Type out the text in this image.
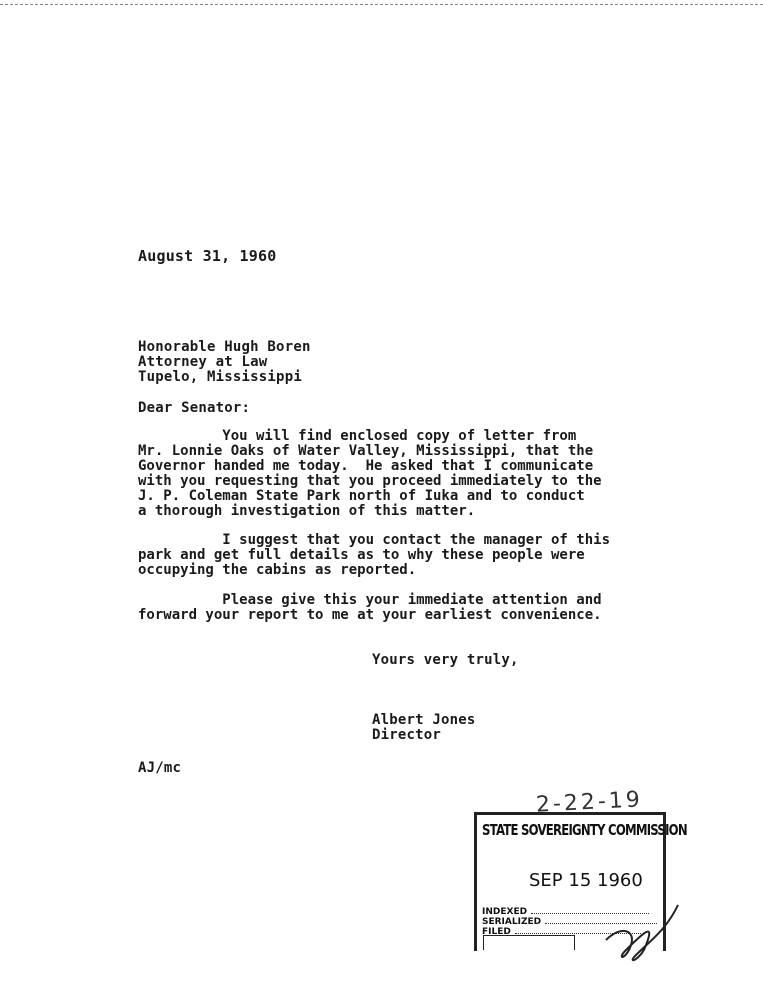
August 31, 1960
Honorable Hugh Boren
Attorney at Law
Tupelo, Mississippi
Dear Senator:
You will find enclosed copy of letter from
Mr. Lonnie Oaks of Water Valley, Mississippi, that the
Governor handed me today.  He asked that I communicate
with you requesting that you proceed immediately to the
J. P. Coleman State Park north of Iuka and to conduct
a thorough investigation of this matter.
I suggest that you contact the manager of this
park and get full details as to why these people were
occupying the cabins as reported.
Please give this your immediate attention and
forward your report to me at your earliest convenience.
Yours very truly,
Albert Jones
Director
AJ/mc
2-22-19
STATE SOVEREIGNTY COMMISSION
SEP 15 1960
INDEXED
SERIALIZED
FILED
